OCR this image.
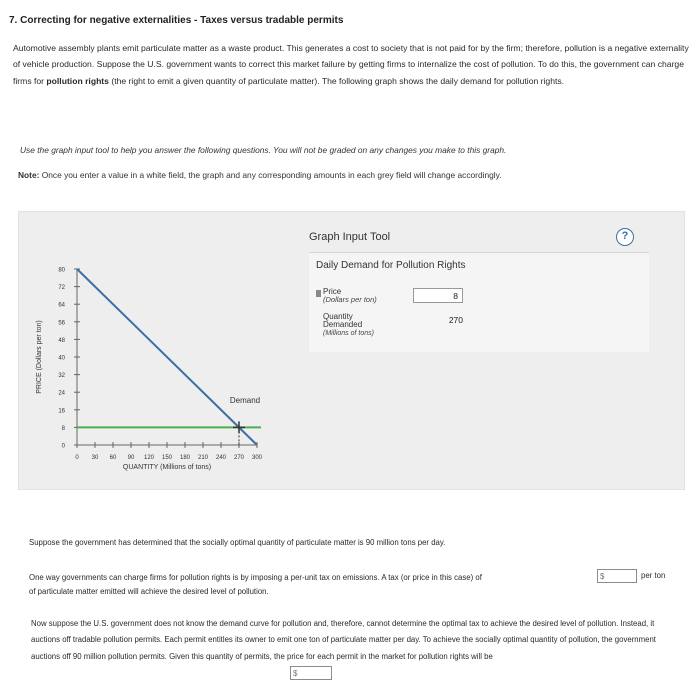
7. Correcting for negative externalities - Taxes versus tradable permits
Automotive assembly plants emit particulate matter as a waste product. This generates a cost to society that is not paid for by the firm; therefore, pollution is a negative externality of vehicle production. Suppose the U.S. government wants to correct this market failure by getting firms to internalize the cost of pollution. To do this, the government can charge firms for pollution rights (the right to emit a given quantity of particulate matter). The following graph shows the daily demand for pollution rights.
Use the graph input tool to help you answer the following questions. You will not be graded on any changes you make to this graph.
Note: Once you enter a value in a white field, the graph and any corresponding amounts in each grey field will change accordingly.
0
8
16
24
32
40
48
56
64
72
80
0 30 60 90 120 150 180 210 240 270 300
QUANTITY (Millions of tons)
PRICE (Dollars per ton)
Demand
Graph Input Tool	?
Daily Demand for Pollution Rights
Price
(Dollars per ton)
8
Quantity
Demanded
(Millions of tons)
270
Suppose the government has determined that the socially optimal quantity of particulate matter is 90 million tons per day.
One way governments can charge firms for pollution rights is by imposing a per-unit tax on emissions. A tax (or price in this case) of
$	per ton
of particulate matter emitted will achieve the desired level of pollution.
Now suppose the U.S. government does not know the demand curve for pollution and, therefore, cannot determine the optimal tax to achieve the desired level of pollution. Instead, it auctions off tradable pollution permits. Each permit entitles its owner to emit one ton of particulate matter per day. To achieve the socially optimal quantity of pollution, the government auctions off 90 million pollution permits. Given this quantity of permits, the price for each permit in the market for pollution rights will be
$
